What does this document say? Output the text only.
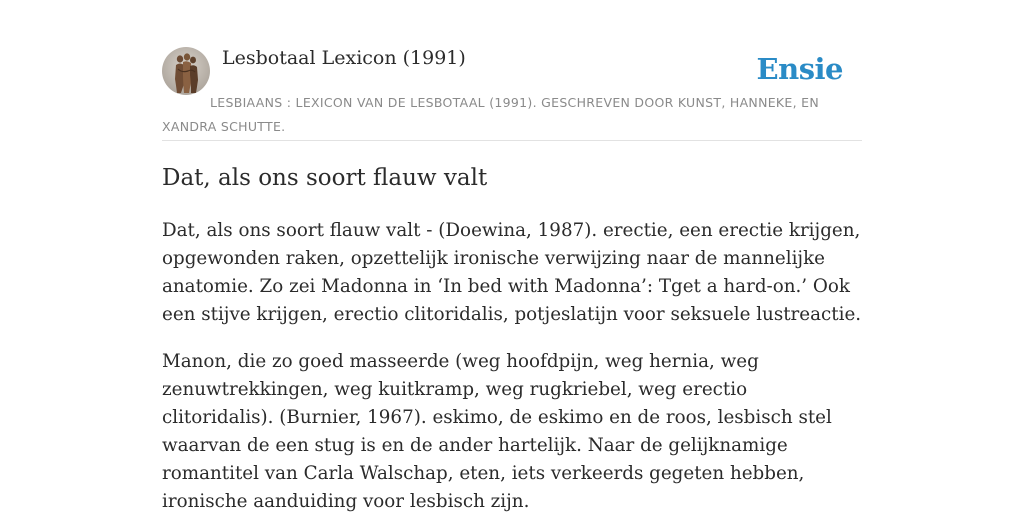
Lesbotaal Lexicon (1991)	Ensie
LESBIAANS : LEXICON VAN DE LESBOTAAL (1991). GESCHREVEN DOOR KUNST, HANNEKE, EN XANDRA SCHUTTE.
Dat, als ons soort flauw valt

Dat, als ons soort flauw valt - (Doewina, 1987). erectie, een erectie krijgen, opgewonden raken, opzettelijk ironische verwijzing naar de mannelijke anatomie. Zo zei Madonna in ‘In bed with Madonna’: Tget a hard-on.’ Ook een stijve krijgen, erectio clitoridalis, potjeslatijn voor seksuele lustreactie.

Manon, die zo goed masseerde (weg hoofdpijn, weg hernia, weg zenuwtrekkingen, weg kuitkramp, weg rugkriebel, weg erectio clitoridalis). (Burnier, 1967). eskimo, de eskimo en de roos, lesbisch stel waarvan de een stug is en de ander hartelijk. Naar de gelijknamige romantitel van Carla Walschap, eten, iets verkeerds gegeten hebben, ironische aanduiding voor lesbisch zijn.
